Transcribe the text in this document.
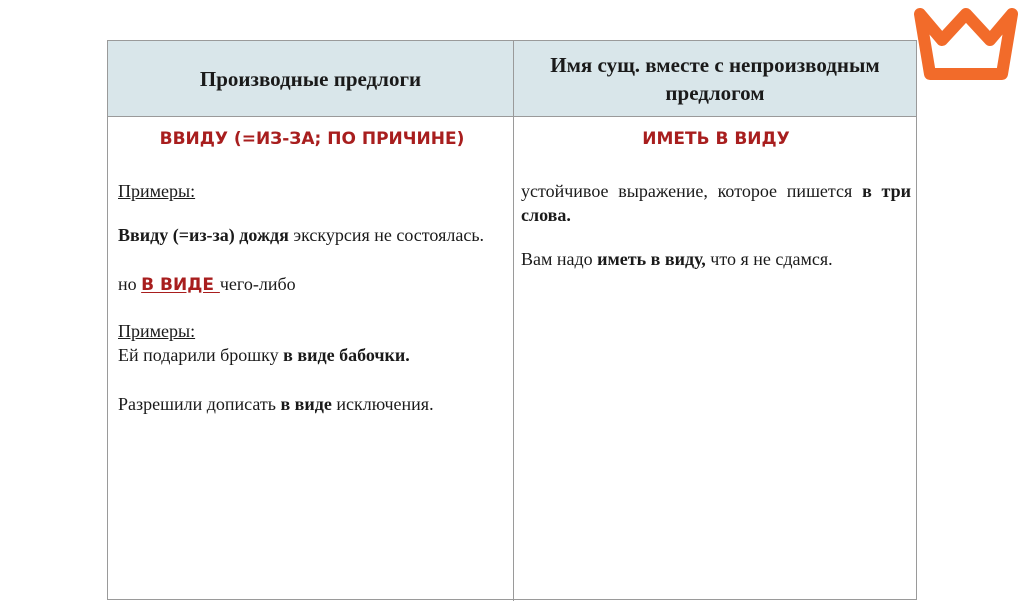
Производные предлоги
Имя сущ. вместе с непроизводным предлогом

ВВИДУ (=ИЗ-ЗА; ПО ПРИЧИНЕ)

Примеры:

Ввиду (=из-за) дождя экскурсия не состоялась.

но В ВИДЕ чего-либо

Примеры:

Ей подарили брошку в виде бабочки.

Разрешили дописать в виде исключения.

ИМЕТЬ В ВИДУ

устойчивое выражение, которое пишется в три слова.

Вам надо иметь в виду, что я не сдамся.
